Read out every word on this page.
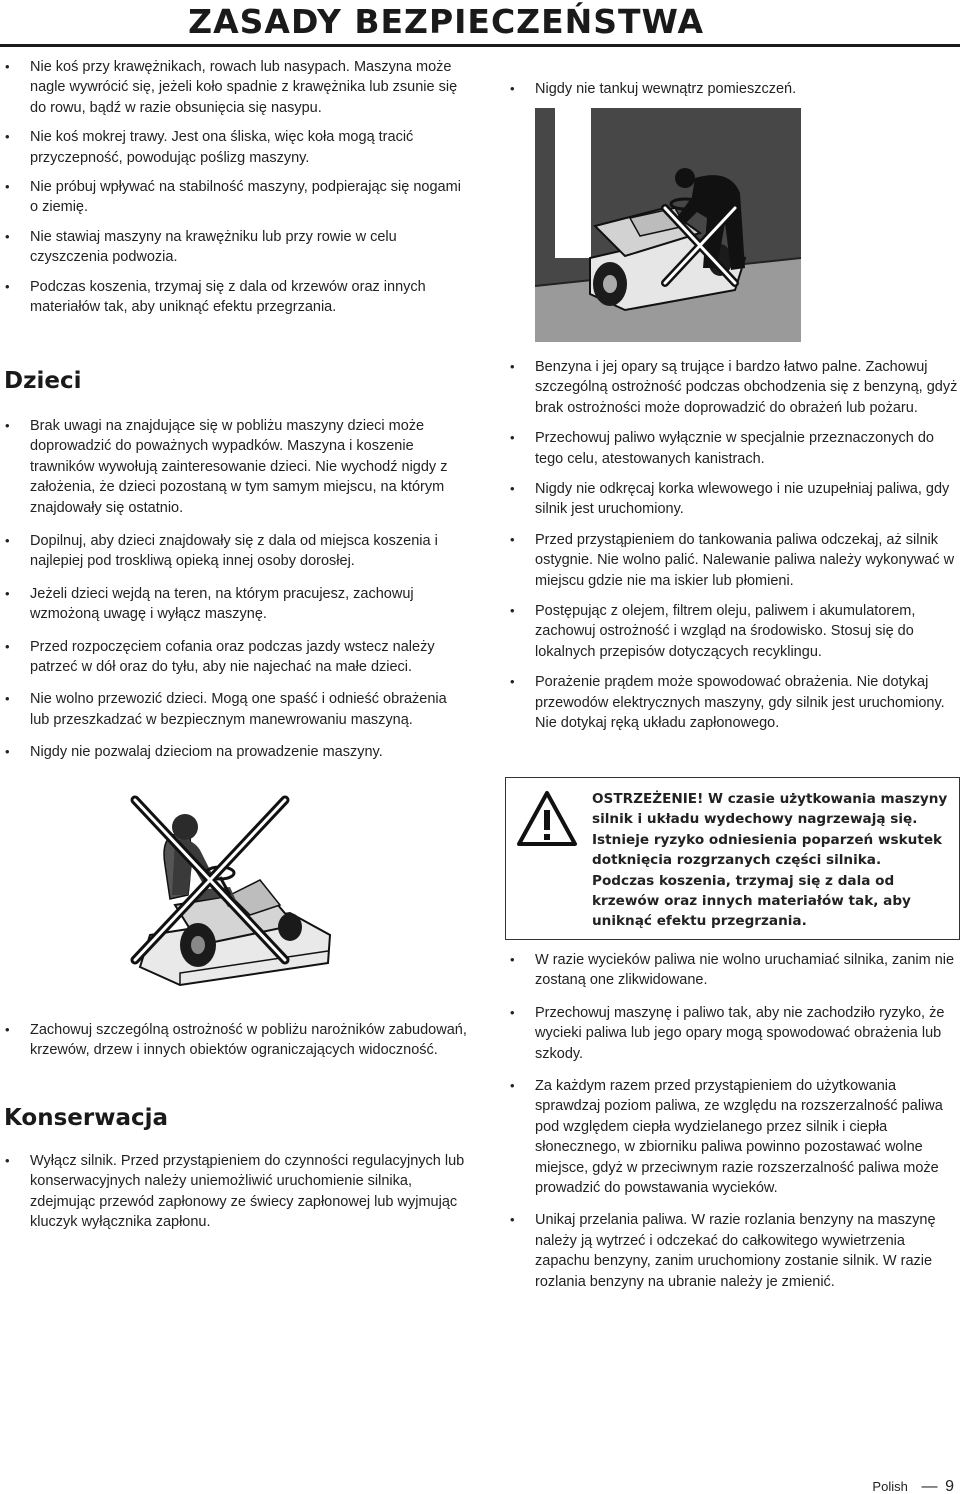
ZASADY BEZPIECZEŃSTWA
• Nie koś przy krawężnikach, rowach lub nasypach. Maszyna może nagle wywrócić się, jeżeli koło spadnie z krawężnika lub zsunie się do rowu, bądź w razie obsunięcia się nasypu.
• Nie koś mokrej trawy. Jest ona śliska, więc koła mogą tracić przyczepność, powodując poślizg maszyny.
• Nie próbuj wpływać na stabilność maszyny, podpierając się nogami o ziemię.
• Nie stawiaj maszyny na krawężniku lub przy rowie w celu czyszczenia podwozia.
• Podczas koszenia, trzymaj się z dala od krzewów oraz innych materiałów tak, aby uniknąć efektu przegrzania.
Dzieci
• Brak uwagi na znajdujące się w pobliżu maszyny dzieci może doprowadzić do poważnych wypadków. Maszyna i koszenie trawników wywołują zainteresowanie dzieci. Nie wychodź nigdy z założenia, że dzieci pozostaną w tym samym miejscu, na którym znajdowały się ostatnio.
• Dopilnuj, aby dzieci znajdowały się z dala od miejsca koszenia i najlepiej pod troskliwą opieką innej osoby dorosłej.
• Jeżeli dzieci wejdą na teren, na którym pracujesz, zachowuj wzmożoną uwagę i wyłącz maszynę.
• Przed rozpoczęciem cofania oraz podczas jazdy wstecz należy patrzeć w dół oraz do tyłu, aby nie najechać na małe dzieci.
• Nie wolno przewozić dzieci. Mogą one spaść i odnieść obrażenia lub przeszkadzać w bezpiecznym manewrowaniu maszyną.
• Nigdy nie pozwalaj dzieciom na prowadzenie maszyny.
• Zachowuj szczególną ostrożność w pobliżu narożników zabudowań, krzewów, drzew i innych obiektów ograniczających widoczność.
Konserwacja
• Wyłącz silnik. Przed przystąpieniem do czynności regulacyjnych lub konserwacyjnych należy uniemożliwić uruchomienie silnika, zdejmując przewód zapłonowy ze świecy zapłonowej lub wyjmując kluczyk wyłącznika zapłonu.
• Nigdy nie tankuj wewnątrz pomieszczeń.
• Benzyna i jej opary są trujące i bardzo łatwo palne. Zachowuj szczególną ostrożność podczas obchodzenia się z benzyną, gdyż brak ostrożności może doprowadzić do obrażeń lub pożaru.
• Przechowuj paliwo wyłącznie w specjalnie przeznaczonych do tego celu, atestowanych kanistrach.
• Nigdy nie odkręcaj korka wlewowego i nie uzupełniaj paliwa, gdy silnik jest uruchomiony.
• Przed przystąpieniem do tankowania paliwa odczekaj, aż silnik ostygnie. Nie wolno palić. Nalewanie paliwa należy wykonywać w miejscu gdzie nie ma iskier lub płomieni.
• Postępując z olejem, filtrem oleju, paliwem i akumulatorem, zachowuj ostrożność i wzgląd na środowisko. Stosuj się do lokalnych przepisów dotyczących recyklingu.
• Porażenie prądem może spowodować obrażenia. Nie dotykaj przewodów elektrycznych maszyny, gdy silnik jest uruchomiony. Nie dotykaj ręką układu zapłonowego.
OSTRZEŻENIE! W czasie użytkowania maszyny silnik i układu wydechowy nagrzewają się. Istnieje ryzyko odniesienia poparzeń wskutek dotknięcia rozgrzanych części silnika. Podczas koszenia, trzymaj się z dala od krzewów oraz innych materiałów tak, aby uniknąć efektu przegrzania.
• W razie wycieków paliwa nie wolno uruchamiać silnika, zanim nie zostaną one zlikwidowane.
• Przechowuj maszynę i paliwo tak, aby nie zachodziło ryzyko, że wycieki paliwa lub jego opary mogą spowodować obrażenia lub szkody.
• Za każdym razem przed przystąpieniem do użytkowania sprawdzaj poziom paliwa, ze względu na rozszerzalność paliwa pod względem ciepła wydzielanego przez silnik i ciepła słonecznego, w zbiorniku paliwa powinno pozostawać wolne miejsce, gdyż w przeciwnym razie rozszerzalność paliwa może prowadzić do powstawania wycieków.
• Unikaj przelania paliwa. W razie rozlania benzyny na maszynę należy ją wytrzeć i odczekać do całkowitego wywietrzenia zapachu benzyny, zanim uruchomiony zostanie silnik. W razie rozlania benzyny na ubranie należy je zmienić.
Polish — 9
